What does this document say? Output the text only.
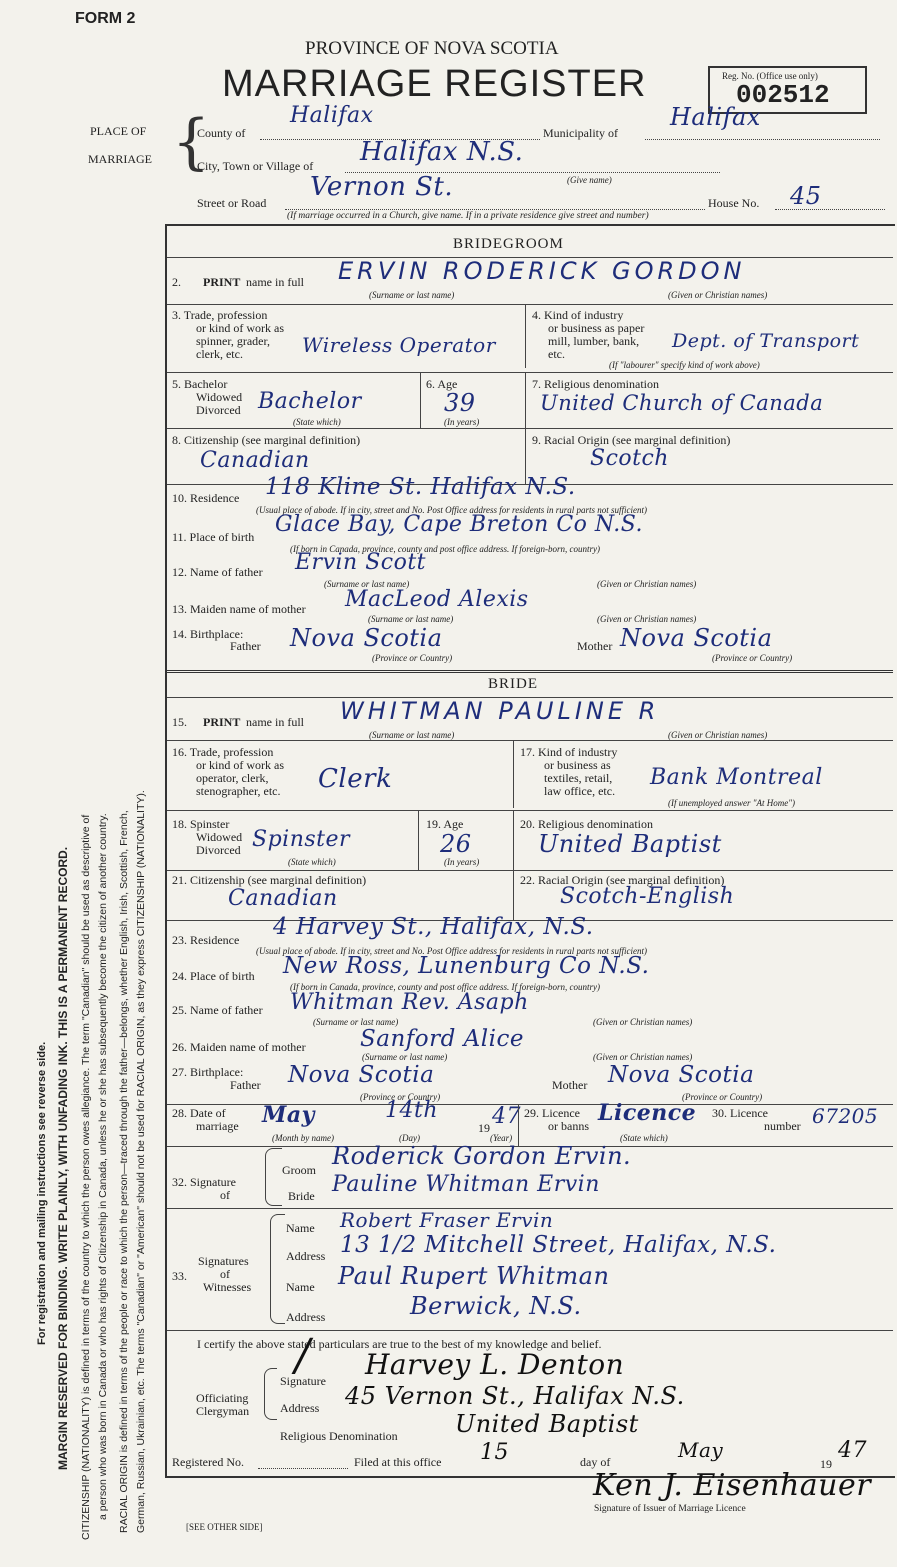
FORM 2
PROVINCE OF NOVA SCOTIA
MARRIAGE REGISTER	Reg. No. (Office use only)
002512
PLACE OF
MARRIAGE {
County of
Halifax
Municipality of
Halifax
City, Town or Village of Halifax N.S.
(Give name)
Street or Road
Vernon St.
House No. 45
(If marriage occurred in a Church, give name. If in a private residence give street and number)
For registration and mailing instructions see reverse side. MARGIN RESERVED FOR BINDING. WRITE PLAINLY, WITH UNFADING INK. THIS IS A PERMANENT RECORD. CITIZENSHIP (NATIONALITY) is defined in terms of the country to which the person owes allegiance. The term "Canadian" should be used as descriptive of a person who was born in Canada or who has rights of Citizenship in Canada, unless he or she has subsequently become the citizen of another country. RACIAL ORIGIN is defined in terms of the people or race to which the person—traced through the father—belongs, whether English, Irish, Scottish, French, German, Russian, Ukrainian, etc. The terms "Canadian" or "American" should not be used for RACIAL ORIGIN, as they express CITIZENSHIP (NATIONALITY).
BRIDEGROOM
2. PRINT name in full ERVIN RODERICK GORDON
(Surname or last name)	(Given or Christian names)
3. Trade, profession
or kind of work as
spinner, grader,
clerk, etc.	Wireless Operator
4. Kind of industry
or business as paper
mill, lumber, bank,
etc.
Dept. of Transport
(If "labourer" specify kind of work above)
5. Bachelor
Widowed
Divorced Bachelor
(State which)
6. Age
39
(In years)
7. Religious denomination
United Church of Canada
8. Citizenship (see marginal definition)
Canadian
9. Racial Origin (see marginal definition)
Scotch
10. Residence 118 Kline St. Halifax N.S.
(Usual place of abode. If in city, street and No. Post Office address for residents in rural parts not sufficient)
11. Place of birth Glace Bay, Cape Breton Co N.S.
(If born in Canada, province, county and post office address. If foreign-born, country)
12. Name of father Ervin Scott
(Surname or last name)	(Given or Christian names)
13. Maiden name of mother MacLeod Alexis
(Surname or last name)	(Given or Christian names)
14. Birthplace:
Father Nova Scotia	Mother Nova Scotia
(Province or Country)	(Province or Country)
BRIDE
15. PRINT name in full WHITMAN PAULINE R
(Surname or last name)	(Given or Christian names)
16. Trade, profession
or kind of work as
operator, clerk,
stenographer, etc. Clerk
17. Kind of industry
or business as
textiles, retail,
law office, etc.
Bank Montreal
(If unemployed answer "At Home")
18. Spinster
Widowed
Divorced Spinster
(State which)
19. Age
26
(In years)
20. Religious denomination
United Baptist
21. Citizenship (see marginal definition)
Canadian
22. Racial Origin (see marginal definition)
Scotch-English
23. Residence 4 Harvey St., Halifax, N.S.
(Usual place of abode. If in city, street and No. Post Office address for residents in rural parts not sufficient)
24. Place of birth New Ross, Lunenburg Co N.S.
(If born in Canada, province, county and post office address. If foreign-born, country)
25. Name of father Whitman Rev. Asaph
(Surname or last name)	(Given or Christian names)
26. Maiden name of mother Sanford Alice
(Surname or last name)	(Given or Christian names)
27. Birthplace:
Father Nova Scotia	Mother Nova Scotia
(Province or Country)	(Province or Country)
28. Date of
marriage May	14th
19 47
(Month by name)	(Day)	(Year)
29. Licence
or banns Licence
(State which)
30. Licence
number 67205
32. Signature
of
Groom Roderick Gordon Ervin.
Bride Pauline Whitman Ervin
33.
Signatures
of
Witnesses
Name Robert Fraser Ervin
Address 13 1/2 Mitchell Street, Halifax, N.S.
Name Paul Rupert Whitman
Address	Berwick, N.S.
I certify the above stated particulars are true to the best of my knowledge and belief.
/
Officiating
Clergyman
Signature Harvey L. Denton
Address 45 Vernon St., Halifax N.S.
Religious Denomination United Baptist
Registered No.	Filed at this office 15	day of	May
19
47
Ken J. Eisenhauer
Signature of Issuer of Marriage Licence
[SEE OTHER SIDE]
